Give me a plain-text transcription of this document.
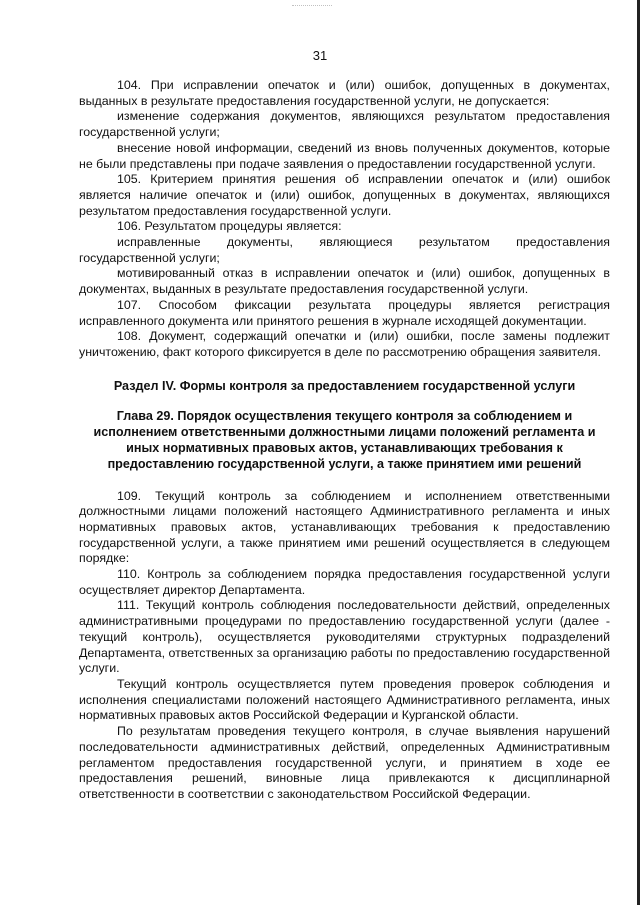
31

104. При исправлении опечаток и (или) ошибок, допущенных в документах, выданных в результате предоставления государственной услуги, не допускается:

изменение содержания документов, являющихся результатом предоставления государственной услуги;

внесение новой информации, сведений из вновь полученных документов, которые не были представлены при подаче заявления о предоставлении государственной услуги.

105. Критерием принятия решения об исправлении опечаток и (или) ошибок является наличие опечаток и (или) ошибок, допущенных в документах, являющихся результатом предоставления государственной услуги.

106. Результатом процедуры является:

исправленные документы, являющиеся результатом предоставления государственной услуги;

мотивированный отказ в исправлении опечаток и (или) ошибок, допущенных в документах, выданных в результате предоставления государственной услуги.

107. Способом фиксации результата процедуры является регистрация исправленного документа или принятого решения в журнале исходящей документации.

108. Документ, содержащий опечатки и (или) ошибки, после замены подлежит уничтожению, факт которого фиксируется в деле по рассмотрению обращения заявителя.

Раздел IV. Формы контроля за предоставлением государственной услуги
Глава 29. Порядок осуществления текущего контроля за соблюдением и исполнением ответственными должностными лицами положений регламента и иных нормативных правовых актов, устанавливающих требования к предоставлению государственной услуги, а также принятием ими решений

109. Текущий контроль за соблюдением и исполнением ответственными должностными лицами положений настоящего Административного регламента и иных нормативных правовых актов, устанавливающих требования к предоставлению государственной услуги, а также принятием ими решений осуществляется в следующем порядке:

110. Контроль за соблюдением порядка предоставления государственной услуги осуществляет директор Департамента.

111. Текущий контроль соблюдения последовательности действий, определенных административными процедурами по предоставлению государственной услуги (далее - текущий контроль), осуществляется руководителями структурных подразделений Департамента, ответственных за организацию работы по предоставлению государственной услуги.

Текущий контроль осуществляется путем проведения проверок соблюдения и исполнения специалистами положений настоящего Административного регламента, иных нормативных правовых актов Российской Федерации и Курганской области.

По результатам проведения текущего контроля, в случае выявления нарушений последовательности административных действий, определенных Административным регламентом предоставления государственной услуги, и принятием в ходе ее предоставления решений, виновные лица привлекаются к дисциплинарной ответственности в соответствии с законодательством Российской Федерации.
